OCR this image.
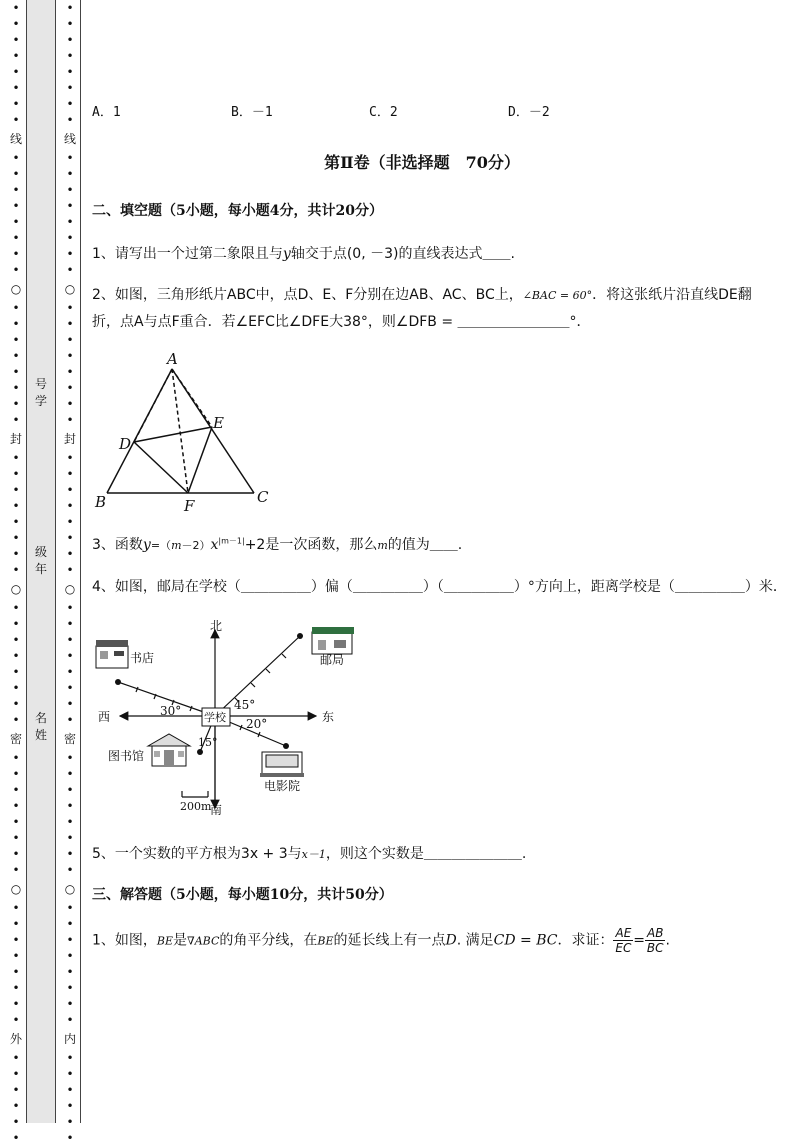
•
•
•
•
•
•
•
•
线
•
•
•
•
•
•
•
•
○
•
•
•
•
•
•
•
•
封
•
•
•
•
•
•
•
•
○
•
•
•
•
•
•
•
•
密
•
•
•
•
•
•
•
•
○
•
•
•
•
•
•
•
•
外
•
•
•
•
•
•
号
学
级
年
名
姓
•
•
•
•
•
•
•
•
线
•
•
•
•
•
•
•
•
○
•
•
•
•
•
•
•
•
封
•
•
•
•
•
•
•
•
○
•
•
•
•
•
•
•
•
密
•
•
•
•
•
•
•
•
○
•
•
•
•
•
•
•
•
内
•
•
•
•
•
•
A．1	B．－1	C．2	D．－2
第Ⅱ卷（非选择题　70分）
二、填空题（5小题，每小题4分，共计20分）
1、请写出一个过第二象限且与y轴交于点(0, －3)的直线表达式＿＿.
2、如图，三角形纸片ABC中，点D、E、F分别在边AB、AC、BC上，∠BAC = 60°．将这张纸片沿直线DE翻
折，点A与点F重合．若∠EFC比∠DFE大38°，则∠DFB = ＿＿＿＿＿＿＿＿°．
A
B	C
D
E
F
3、函数$y=(m-2)x^{|m-1|}+2$是一次函数，那么m的值为＿＿.
4、如图，邮局在学校（＿＿＿＿＿）偏（＿＿＿＿＿）（＿＿＿＿＿）°方向上，距离学校是（＿＿＿＿＿）米．
北
南
东
西	学校
书店	邮局
图书馆
电影院
30°	45°
20°
15°
200m
5、一个实数的平方根为3x + 3与x－1，则这个实数是＿＿＿＿＿＿＿.
三、解答题（5小题，每小题10分，共计50分）
1、如图，BE是∇ABC的角平分线，在BE的延长线上有一点D. 满足CD = BC．求证： $\frac{AE}{EC}= \frac{AB}{BC}$.
